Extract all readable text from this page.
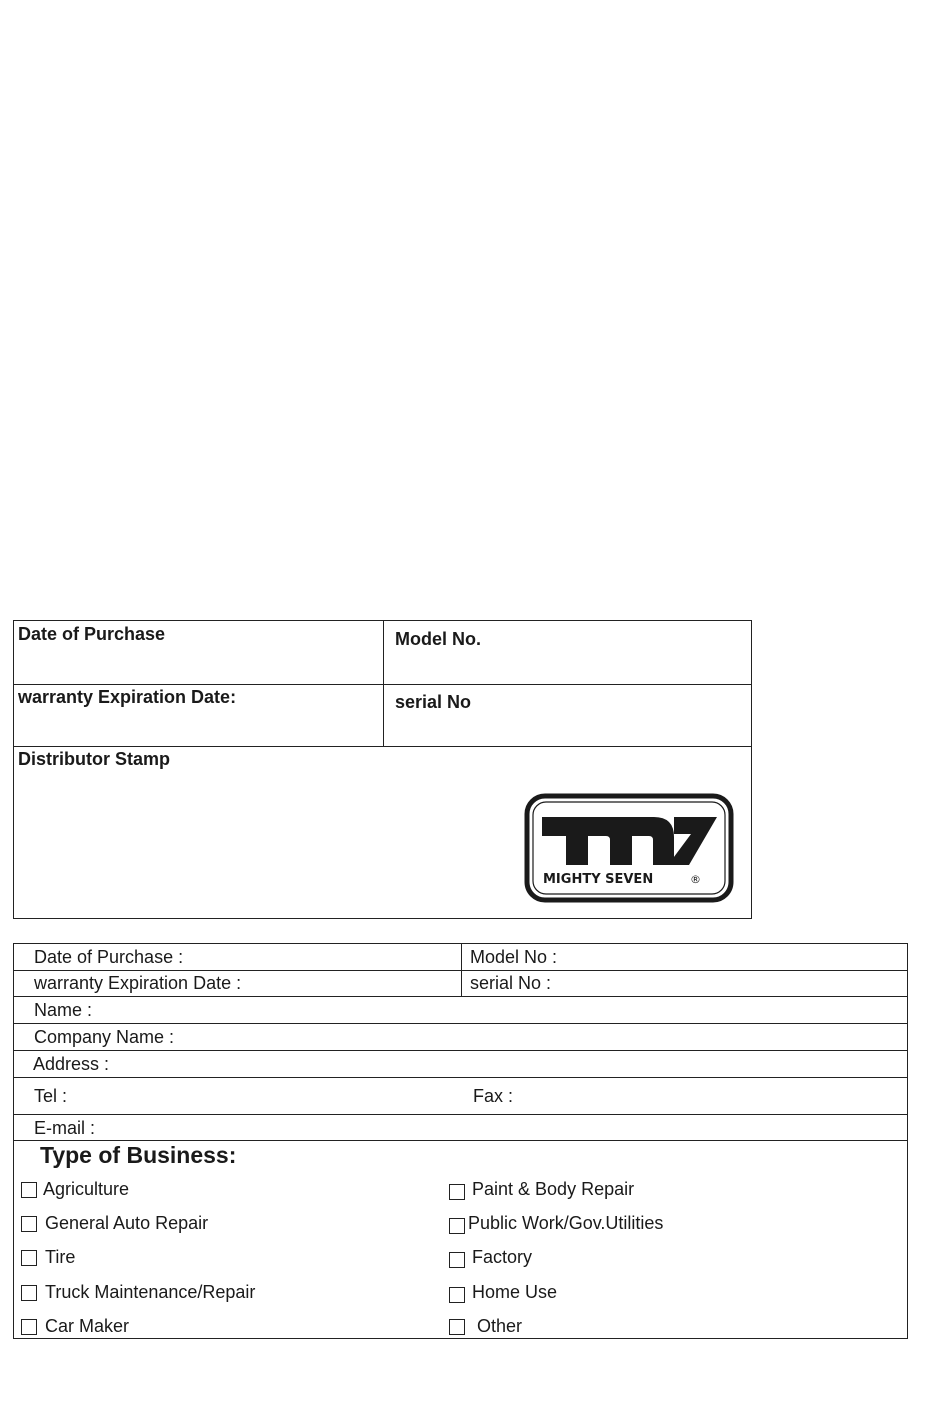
Date of Purchase	Model No.
warranty Expiration Date:	serial No
Distributor Stamp
MIGHTY SEVEN	®
Date of Purchase :	Model No :
warranty Expiration Date :	serial No :
Name :
Company Name :
Address :
Tel :	Fax :
E-mail :
Type of Business:
Agriculture
General Auto Repair
Tire
Truck Maintenance/Repair
Car Maker
Paint & Body Repair
Public Work/Gov.Utilities
Factory
Home Use
Other
